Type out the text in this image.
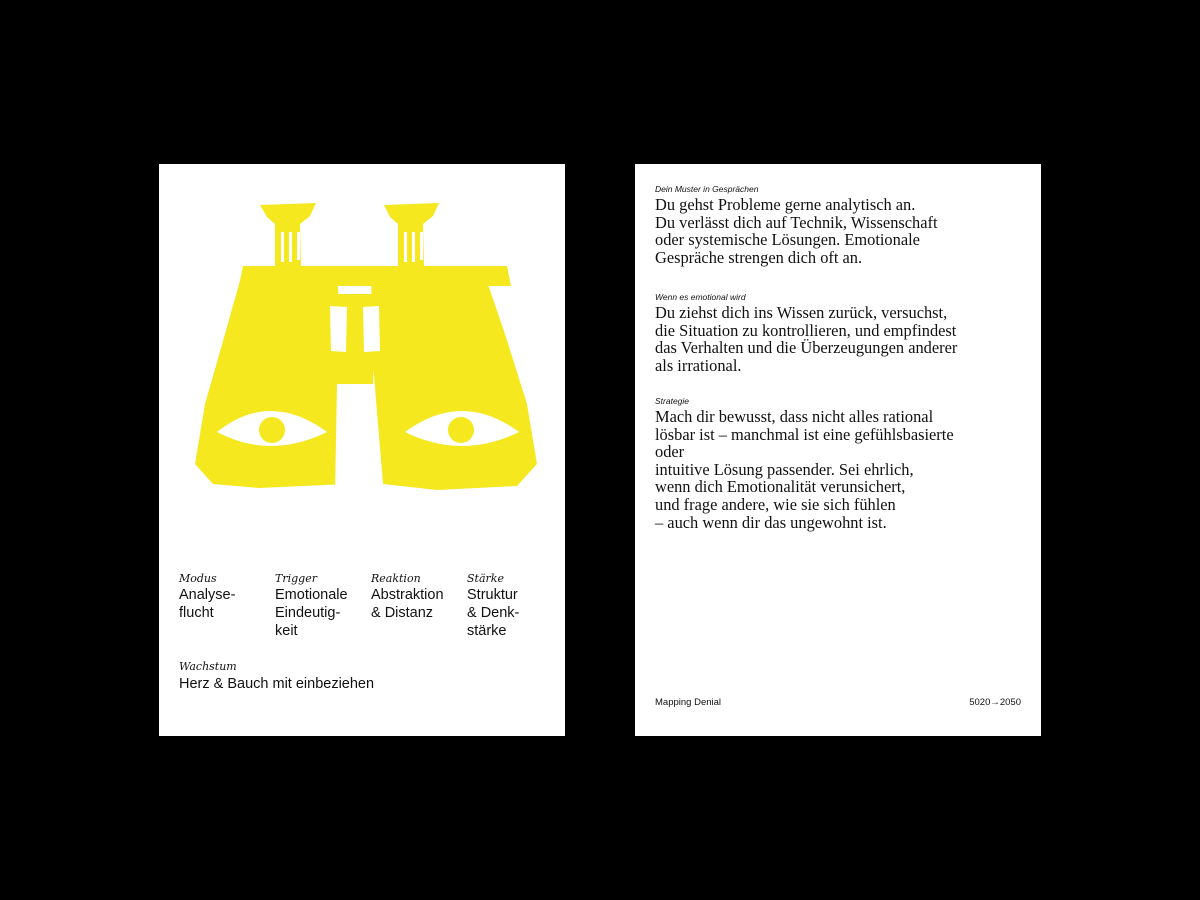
Modus
Analyse-
flucht
Trigger
Emotionale
Eindeutig-
keit
Reaktion
Abstraktion
& Distanz
Stärke
Struktur
& Denk-
stärke
Wachstum
Herz & Bauch mit einbeziehen
Dein Muster in Gesprächen
Du gehst Probleme gerne analytisch an.
Du verlässt dich auf Technik, Wissenschaft
oder systemische Lösungen. Emotionale
Gespräche strengen dich oft an.
Wenn es emotional wird
Du ziehst dich ins Wissen zurück, versuchst,
die Situation zu kontrollieren, und empfindest
das Verhalten und die Überzeugungen anderer
als irrational.
Strategie
Mach dir bewusst, dass nicht alles rational
lösbar ist – manchmal ist eine gefühlsbasierte
oder
intuitive Lösung passender. Sei ehrlich,
wenn dich Emotionalität verunsichert,
und frage andere, wie sie sich fühlen
– auch wenn dir das ungewohnt ist.
Mapping Denial	5020→2050
